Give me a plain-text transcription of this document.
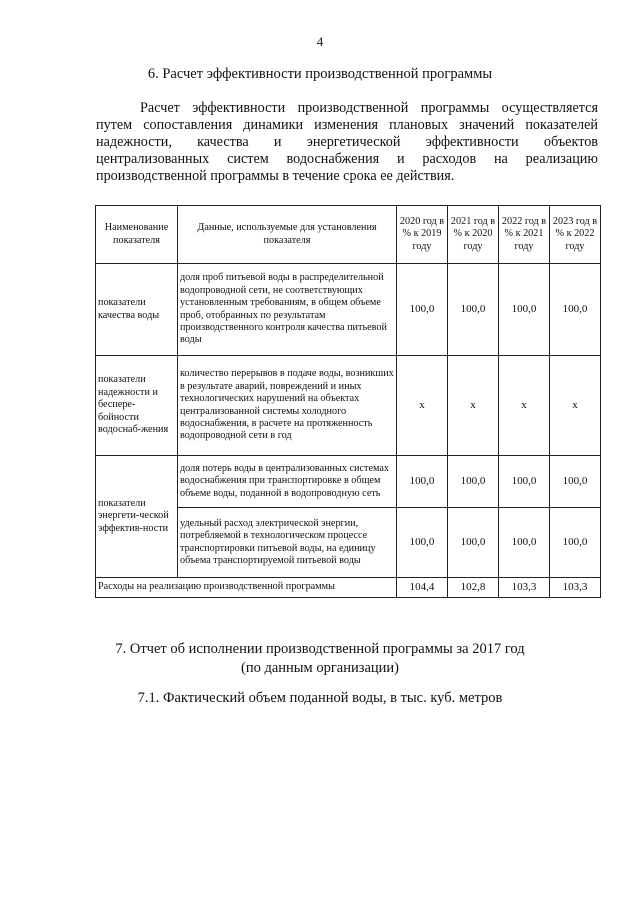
4
6. Расчет эффективности производственной программы
Расчет эффективности производственной программы осуществляется путем сопоставления динамики изменения плановых значений показателей надежности, качества и энергетической эффективности объектов централизованных систем водоснабжения и расходов на реализацию производственной программы в течение срока ее действия.
Наименование показателя	Данные, используемые для установления показателя	2020 год в % к 2019 году	2021 год в % к 2020 году	2022 год в % к 2021 году	2023 год в % к 2022 году
показатели качества воды	доля проб питьевой воды в распределительной водопроводной сети, не соответствующих установленным требованиям, в общем объеме проб, отобранных по результатам производственного контроля качества питьевой воды	100,0	100,0	100,0	100,0
показатели надежности и беспере-бойности водоснаб-жения	количество перерывов в подаче воды, возникших в результате аварий, повреждений и иных технологических нарушений на объектах централизованной системы холодного водоснабжения, в расчете на протяженность водопроводной сети в год	x	x	x	x
показатели энергети-ческой эффектив-ности	доля потерь воды в централизованных системах водоснабжения при транспортировке в общем объеме воды, поданной в водопроводную сеть	100,0	100,0	100,0	100,0
	удельный расход электрической энергии, потребляемой в технологическом процессе транспортировки питьевой воды, на единицу объема транспортируемой питьевой воды	100,0	100,0	100,0	100,0
Расходы на реализацию производственной программы		104,4	102,8	103,3	103,3
7. Отчет об исполнении производственной программы за 2017 год
(по данным организации)
7.1. Фактический объем поданной воды, в тыс. куб. метров
